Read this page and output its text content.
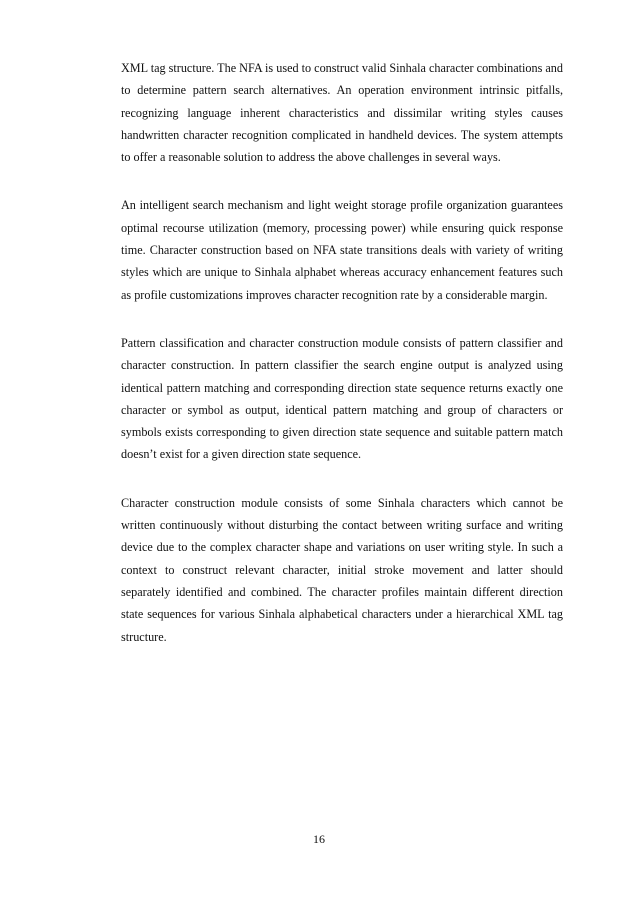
XML tag structure. The NFA is used to construct valid Sinhala character combinations and to determine pattern search alternatives. An operation environment intrinsic pitfalls, recognizing language inherent characteristics and dissimilar writing styles causes handwritten character recognition complicated in handheld devices. The system attempts to offer a reasonable solution to address the above challenges in several ways.

An intelligent search mechanism and light weight storage profile organization guarantees optimal recourse utilization (memory, processing power) while ensuring quick response time. Character construction based on NFA state transitions deals with variety of writing styles which are unique to Sinhala alphabet whereas accuracy enhancement features such as profile customizations improves character recognition rate by a considerable margin.

Pattern classification and character construction module consists of pattern classifier and character construction. In pattern classifier the search engine output is analyzed using identical pattern matching and corresponding direction state sequence returns exactly one character or symbol as output, identical pattern matching and group of characters or symbols exists corresponding to given direction state sequence and suitable pattern match doesn’t exist for a given direction state sequence.

Character construction module consists of some Sinhala characters which cannot be written continuously without disturbing the contact between writing surface and writing device due to the complex character shape and variations on user writing style. In such a context to construct relevant character, initial stroke movement and latter should separately identified and combined. The character profiles maintain different direction state sequences for various Sinhala alphabetical characters under a hierarchical XML tag structure.

16
